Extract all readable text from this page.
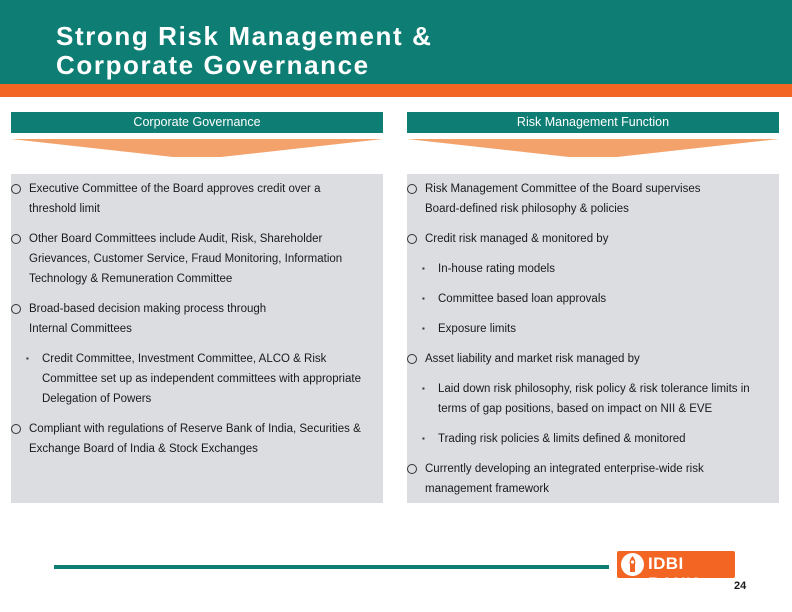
Strong Risk Management &
Corporate Governance
Corporate Governance	Risk Management Function
Executive Committee of the Board approves credit over a
threshold limit
Other Board Committees include Audit, Risk, Shareholder
Grievances, Customer Service, Fraud Monitoring, Information
Technology & Remuneration Committee
Broad-based decision making process through
Internal Committees
▪ Credit Committee, Investment Committee, ALCO & Risk
Committee set up as independent committees with appropriate
Delegation of Powers
Compliant with regulations of Reserve Bank of India, Securities &
Exchange Board of India & Stock Exchanges
Risk Management Committee of the Board supervises
Board-defined risk philosophy & policies
Credit risk managed & monitored by
▪ In-house rating models
▪ Committee based loan approvals
▪ Exposure limits
Asset liability and market risk managed by
▪ Laid down risk philosophy, risk policy & risk tolerance limits in
terms of gap positions, based on impact on NII & EVE
▪ Trading risk policies & limits defined & monitored
Currently developing an integrated enterprise-wide risk
management framework
IDBI BANK	24
